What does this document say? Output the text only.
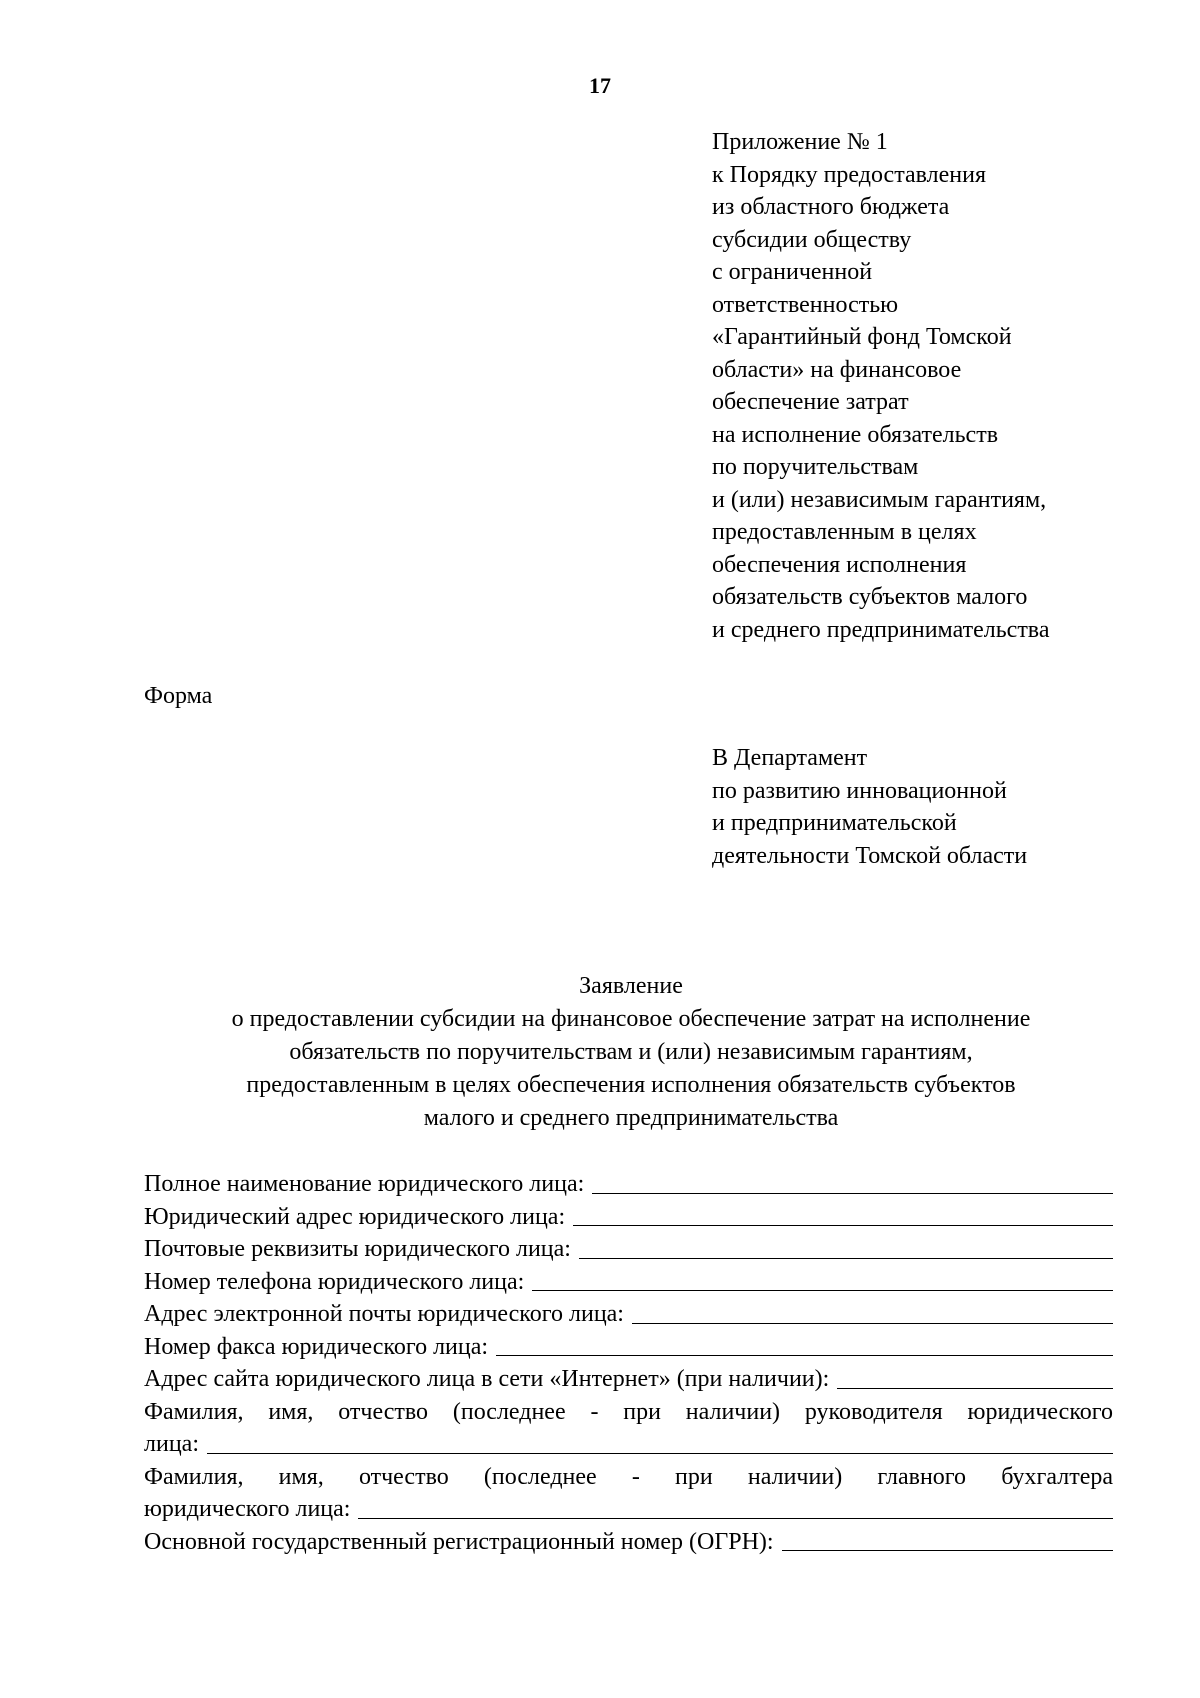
17
Приложение № 1
к Порядку предоставления
из областного бюджета
субсидии обществу
с ограниченной
ответственностью
«Гарантийный фонд Томской
области» на финансовое
обеспечение затрат
на исполнение обязательств
по поручительствам
и (или) независимым гарантиям,
предоставленным в целях
обеспечения исполнения
обязательств субъектов малого
и среднего предпринимательства
Форма
В Департамент
по развитию инновационной
и предпринимательской
деятельности Томской области
Заявление
о предоставлении субсидии на финансовое обеспечение затрат на исполнение
обязательств по поручительствам и (или) независимым гарантиям,
предоставленным в целях обеспечения исполнения обязательств субъектов
малого и среднего предпринимательства
Полное наименование юридического лица:
Юридический адрес юридического лица:
Почтовые реквизиты юридического лица:
Номер телефона юридического лица:
Адрес электронной почты юридического лица:
Номер факса юридического лица:
Адрес сайта юридического лица в сети «Интернет» (при наличии):
Фамилия, имя, отчество (последнее - при наличии) руководителя юридического
лица:
Фамилия, имя, отчество (последнее - при наличии) главного бухгалтера
юридического лица:
Основной государственный регистрационный номер (ОГРН):
